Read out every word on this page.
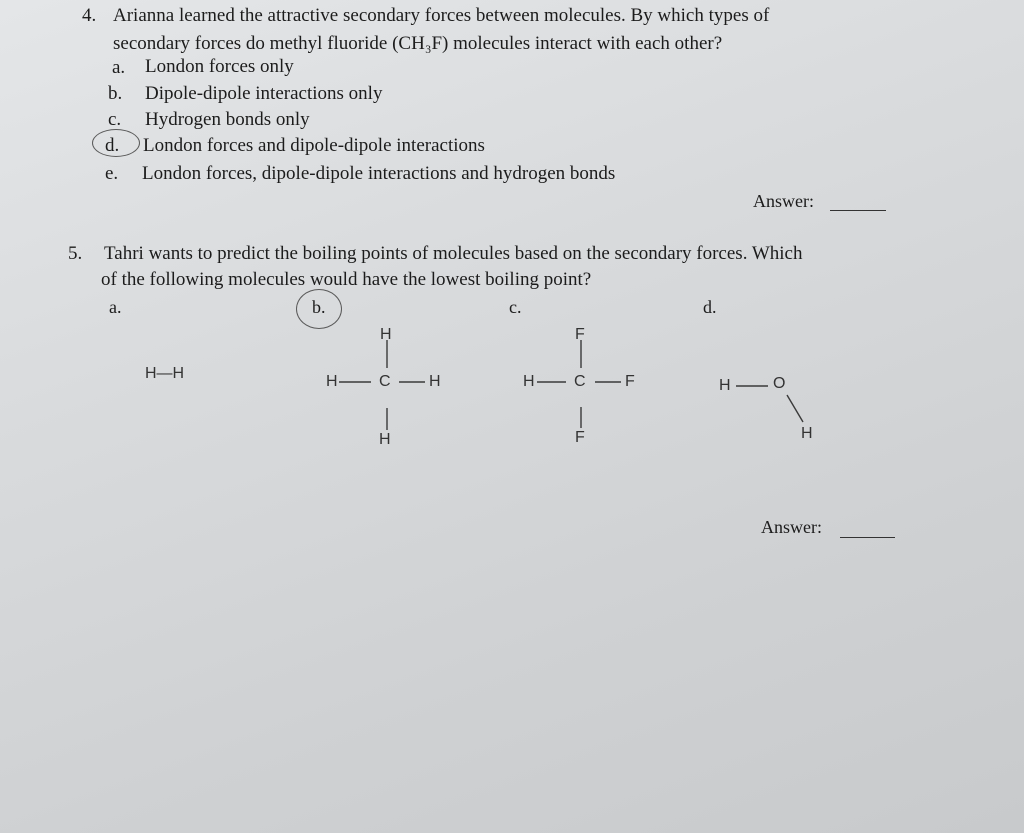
4. Arianna learned the attractive secondary forces between molecules. By which types of
secondary forces do methyl fluoride (CH₃F) molecules interact with each other?
a. London forces only
b. Dipole-dipole interactions only
c. Hydrogen bonds only
d. London forces and dipole-dipole interactions
e. London forces, dipole-dipole interactions and hydrogen bonds
Answer:
5. Tahri wants to predict the boiling points of molecules based on the secondary forces. Which
of the following molecules would have the lowest boiling point?
a.	b.	c.	d.
H—H
H
H	C H
H
F
H C F
F
H	O
H
Answer:
